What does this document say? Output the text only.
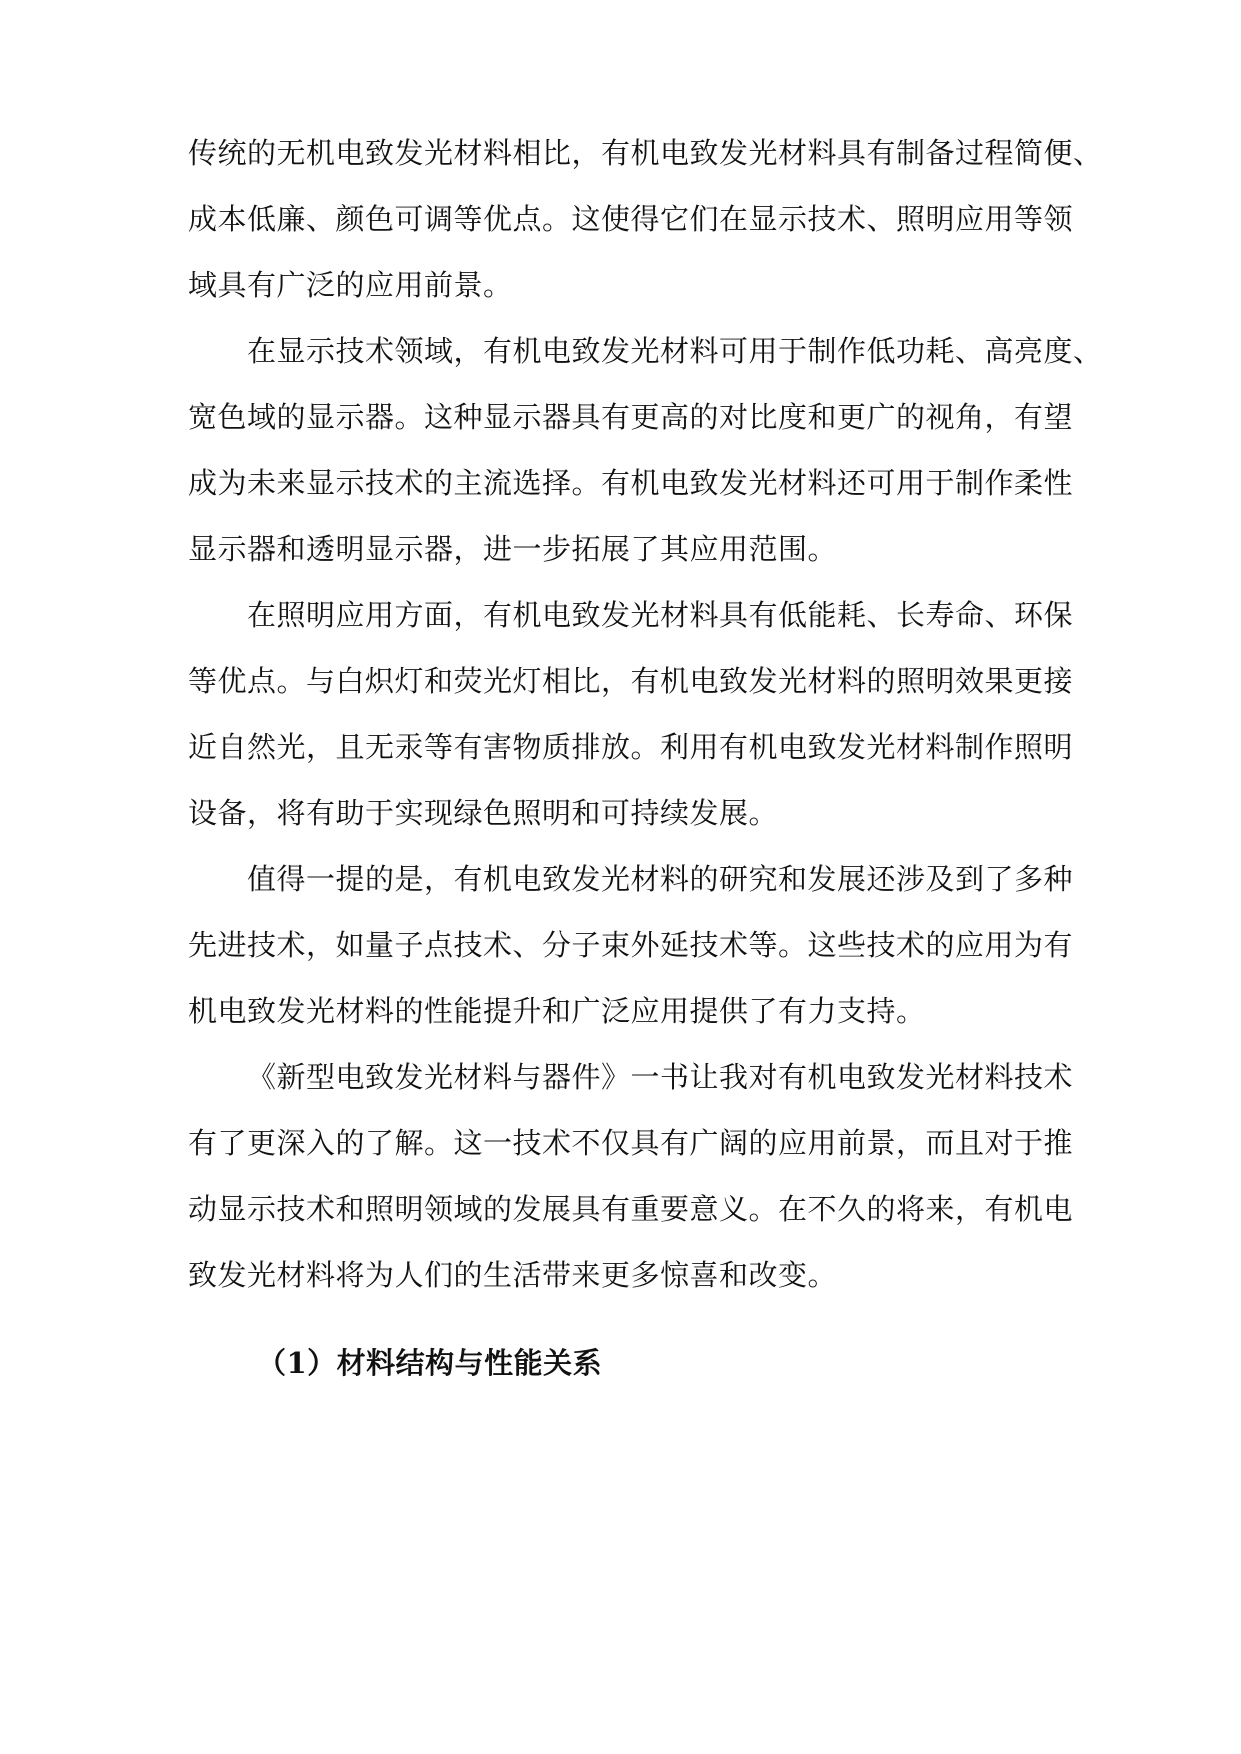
传统的无机电致发光材料相比，有机电致发光材料具有制备过程简便、
成本低廉、颜色可调等优点。这使得它们在显示技术、照明应用等领
域具有广泛的应用前景。
在显示技术领域，有机电致发光材料可用于制作低功耗、高亮度、
宽色域的显示器。这种显示器具有更高的对比度和更广的视角，有望
成为未来显示技术的主流选择。有机电致发光材料还可用于制作柔性
显示器和透明显示器，进一步拓展了其应用范围。
在照明应用方面，有机电致发光材料具有低能耗、长寿命、环保
等优点。与白炽灯和荧光灯相比，有机电致发光材料的照明效果更接
近自然光，且无汞等有害物质排放。利用有机电致发光材料制作照明
设备，将有助于实现绿色照明和可持续发展。
值得一提的是，有机电致发光材料的研究和发展还涉及到了多种
先进技术，如量子点技术、分子束外延技术等。这些技术的应用为有
机电致发光材料的性能提升和广泛应用提供了有力支持。
《新型电致发光材料与器件》一书让我对有机电致发光材料技术
有了更深入的了解。这一技术不仅具有广阔的应用前景，而且对于推
动显示技术和照明领域的发展具有重要意义。在不久的将来，有机电
致发光材料将为人们的生活带来更多惊喜和改变。
（1）材料结构与性能关系
